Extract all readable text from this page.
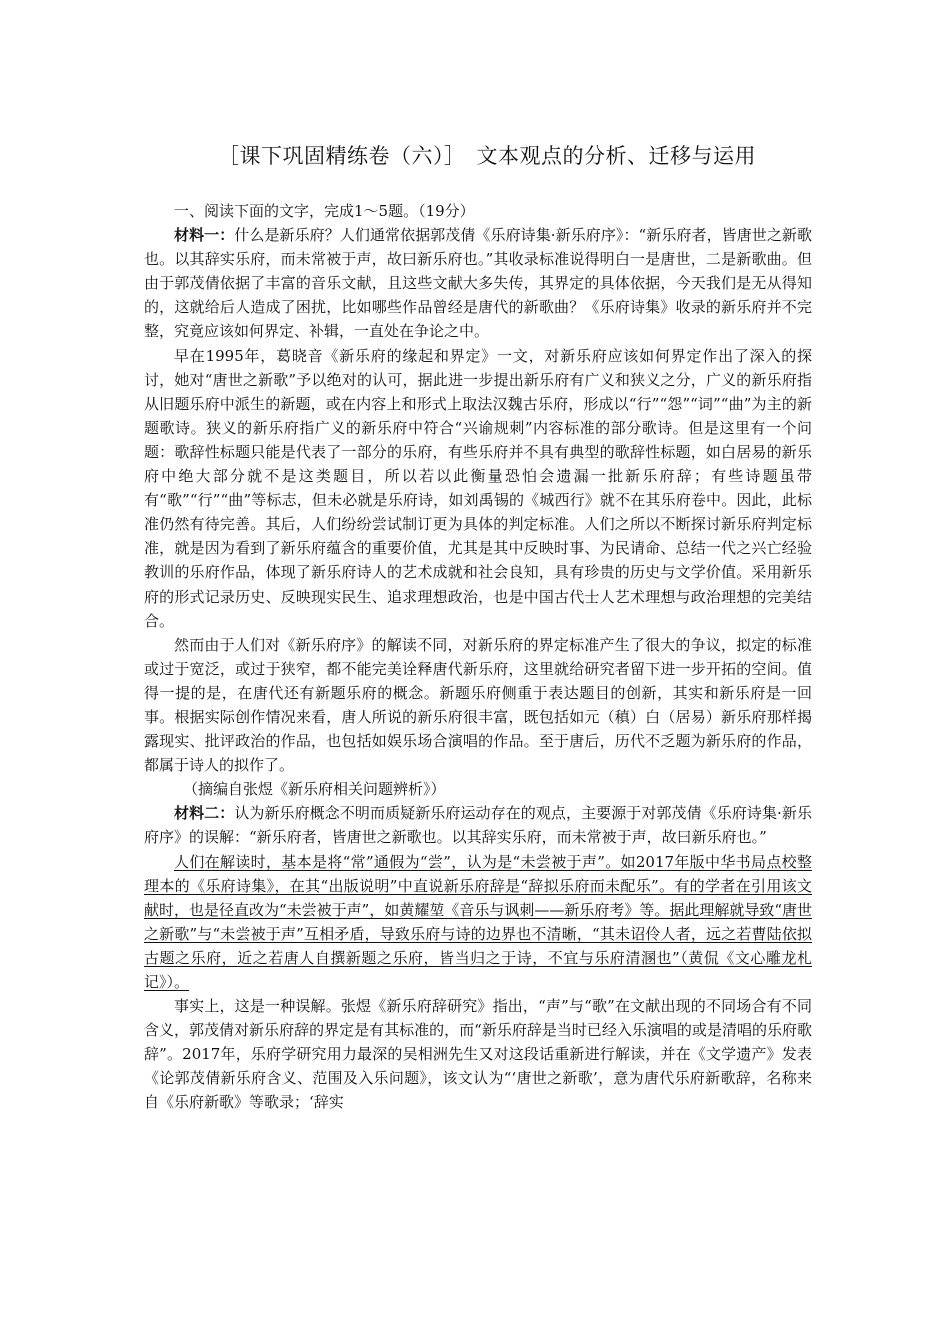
［课下巩固精练卷（六）］　文本观点的分析、迁移与运用

一、阅读下面的文字，完成1～5题。（19分）

材料一：什么是新乐府？人们通常依据郭茂倩《乐府诗集·新乐府序》：“新乐府者，皆唐世之新歌也。以其辞实乐府，而未常被于声，故曰新乐府也。”其收录标准说得明白一是唐世，二是新歌曲。但由于郭茂倩依据了丰富的音乐文献，且这些文献大多失传，其界定的具体依据，今天我们是无从得知的，这就给后人造成了困扰，比如哪些作品曾经是唐代的新歌曲？《乐府诗集》收录的新乐府并不完整，究竟应该如何界定、补辑，一直处在争论之中。

早在1995年，葛晓音《新乐府的缘起和界定》一文，对新乐府应该如何界定作出了深入的探讨，她对“唐世之新歌”予以绝对的认可，据此进一步提出新乐府有广义和狭义之分，广义的新乐府指从旧题乐府中派生的新题，或在内容上和形式上取法汉魏古乐府，形成以“行”“怨”“词”“曲”为主的新题歌诗。狭义的新乐府指广义的新乐府中符合“兴谕规刺”内容标准的部分歌诗。但是这里有一个问题：歌辞性标题只能是代表了一部分的乐府，有些乐府并不具有典型的歌辞性标题，如白居易的新乐府中绝大部分就不是这类题目，所以若以此衡量恐怕会遗漏一批新乐府辞；有些诗题虽带有“歌”“行”“曲”等标志，但未必就是乐府诗，如刘禹锡的《城西行》就不在其乐府卷中。因此，此标准仍然有待完善。其后，人们纷纷尝试制订更为具体的判定标准。人们之所以不断探讨新乐府判定标准，就是因为看到了新乐府蕴含的重要价值，尤其是其中反映时事、为民请命、总结一代之兴亡经验教训的乐府作品，体现了新乐府诗人的艺术成就和社会良知，具有珍贵的历史与文学价值。采用新乐府的形式记录历史、反映现实民生、追求理想政治，也是中国古代士人艺术理想与政治理想的完美结合。

然而由于人们对《新乐府序》的解读不同，对新乐府的界定标准产生了很大的争议，拟定的标准或过于宽泛，或过于狭窄，都不能完美诠释唐代新乐府，这里就给研究者留下进一步开拓的空间。值得一提的是，在唐代还有新题乐府的概念。新题乐府侧重于表达题目的创新，其实和新乐府是一回事。根据实际创作情况来看，唐人所说的新乐府很丰富，既包括如元（稹）白（居易）新乐府那样揭露现实、批评政治的作品，也包括如娱乐场合演唱的作品。至于唐后，历代不乏题为新乐府的作品，都属于诗人的拟作了。

（摘编自张煜《新乐府相关问题辨析》）

材料二：认为新乐府概念不明而质疑新乐府运动存在的观点，主要源于对郭茂倩《乐府诗集·新乐府序》的误解：“新乐府者，皆唐世之新歌也。以其辞实乐府，而未常被于声，故曰新乐府也。”

人们在解读时，基本是将“常”通假为“尝”，认为是“未尝被于声”。如2017年版中华书局点校整理本的《乐府诗集》，在其“出版说明”中直说新乐府辞是“辞拟乐府而未配乐”。有的学者在引用该文献时，也是径直改为“未尝被于声”，如黄耀堃《音乐与讽刺——新乐府考》等。据此理解就导致“唐世之新歌”与“未尝被于声”互相矛盾，导致乐府与诗的边界也不清晰，“其未诏伶人者，远之若曹陆依拟古题之乐府，近之若唐人自撰新题之乐府，皆当归之于诗，不宜与乐府清溷也”（黄侃《文心雕龙札记》）。

事实上，这是一种误解。张煜《新乐府辞研究》指出，“声”与“歌”在文献出现的不同场合有不同含义，郭茂倩对新乐府辞的界定是有其标准的，而“新乐府辞是当时已经入乐演唱的或是清唱的乐府歌辞”。2017年，乐府学研究用力最深的吴相洲先生又对这段话重新进行解读，并在《文学遗产》发表《论郭茂倩新乐府含义、范围及入乐问题》，该文认为“‘唐世之新歌’，意为唐代乐府新歌辞，名称来自《乐府新歌》等歌录；‘辞实
